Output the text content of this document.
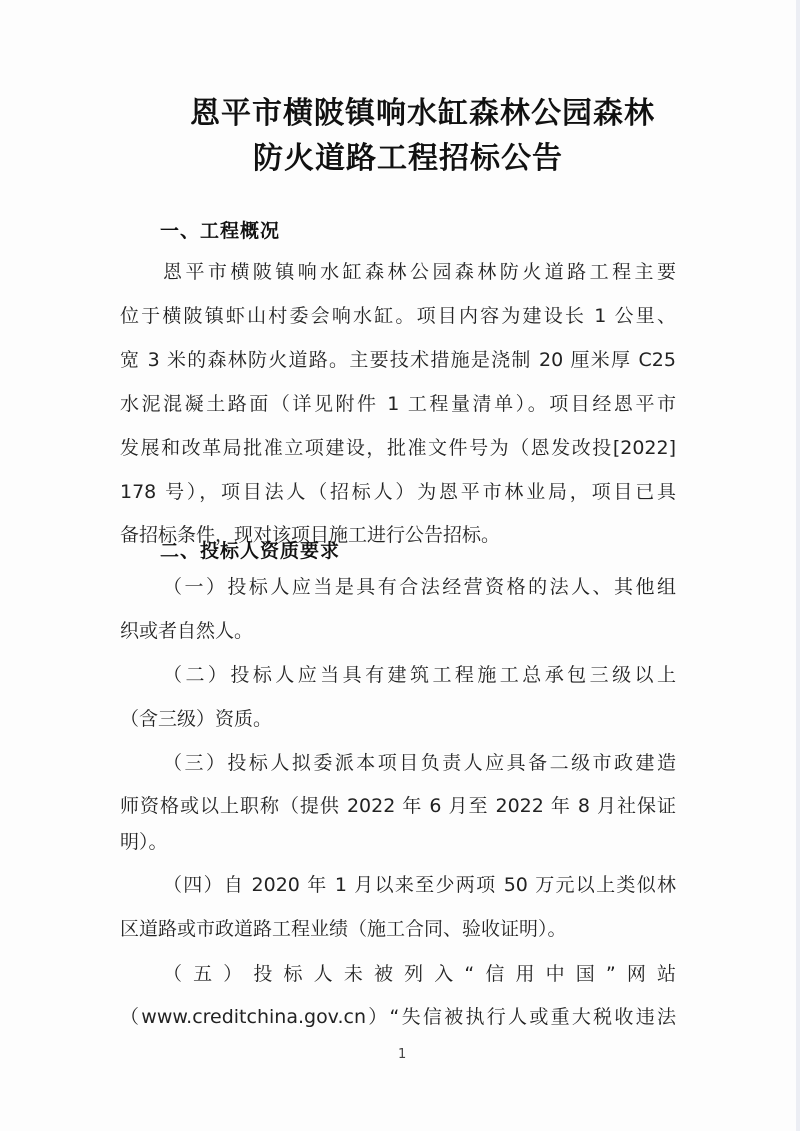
恩平市横陂镇响水缸森林公园森林
防火道路工程招标公告
一、工程概况
恩平市横陂镇响水缸森林公园森林防火道路工程主要
位于横陂镇虾山村委会响水缸。项目内容为建设长 1 公里、
宽 3 米的森林防火道路。主要技术措施是浇制 20 厘米厚 C25
水泥混凝土路面（详见附件 1 工程量清单）。项目经恩平市
发展和改革局批准立项建设，批准文件号为（恩发改投[2022]
178 号），项目法人（招标人）为恩平市林业局，项目已具
备招标条件，现对该项目施工进行公告招标。
二、投标人资质要求
（一）投标人应当是具有合法经营资格的法人、其他组
织或者自然人。
（二）投标人应当具有建筑工程施工总承包三级以上
（含三级）资质。
（三）投标人拟委派本项目负责人应具备二级市政建造
师资格或以上职称（提供 2022 年 6 月至 2022 年 8 月社保证
明）。
（四）自 2020 年 1 月以来至少两项 50 万元以上类似林
区道路或市政道路工程业绩（施工合同、验收证明）。
（五）投标人未被列入“信用中国”网站
（www.creditchina.gov.cn）“失信被执行人或重大税收违法
1
